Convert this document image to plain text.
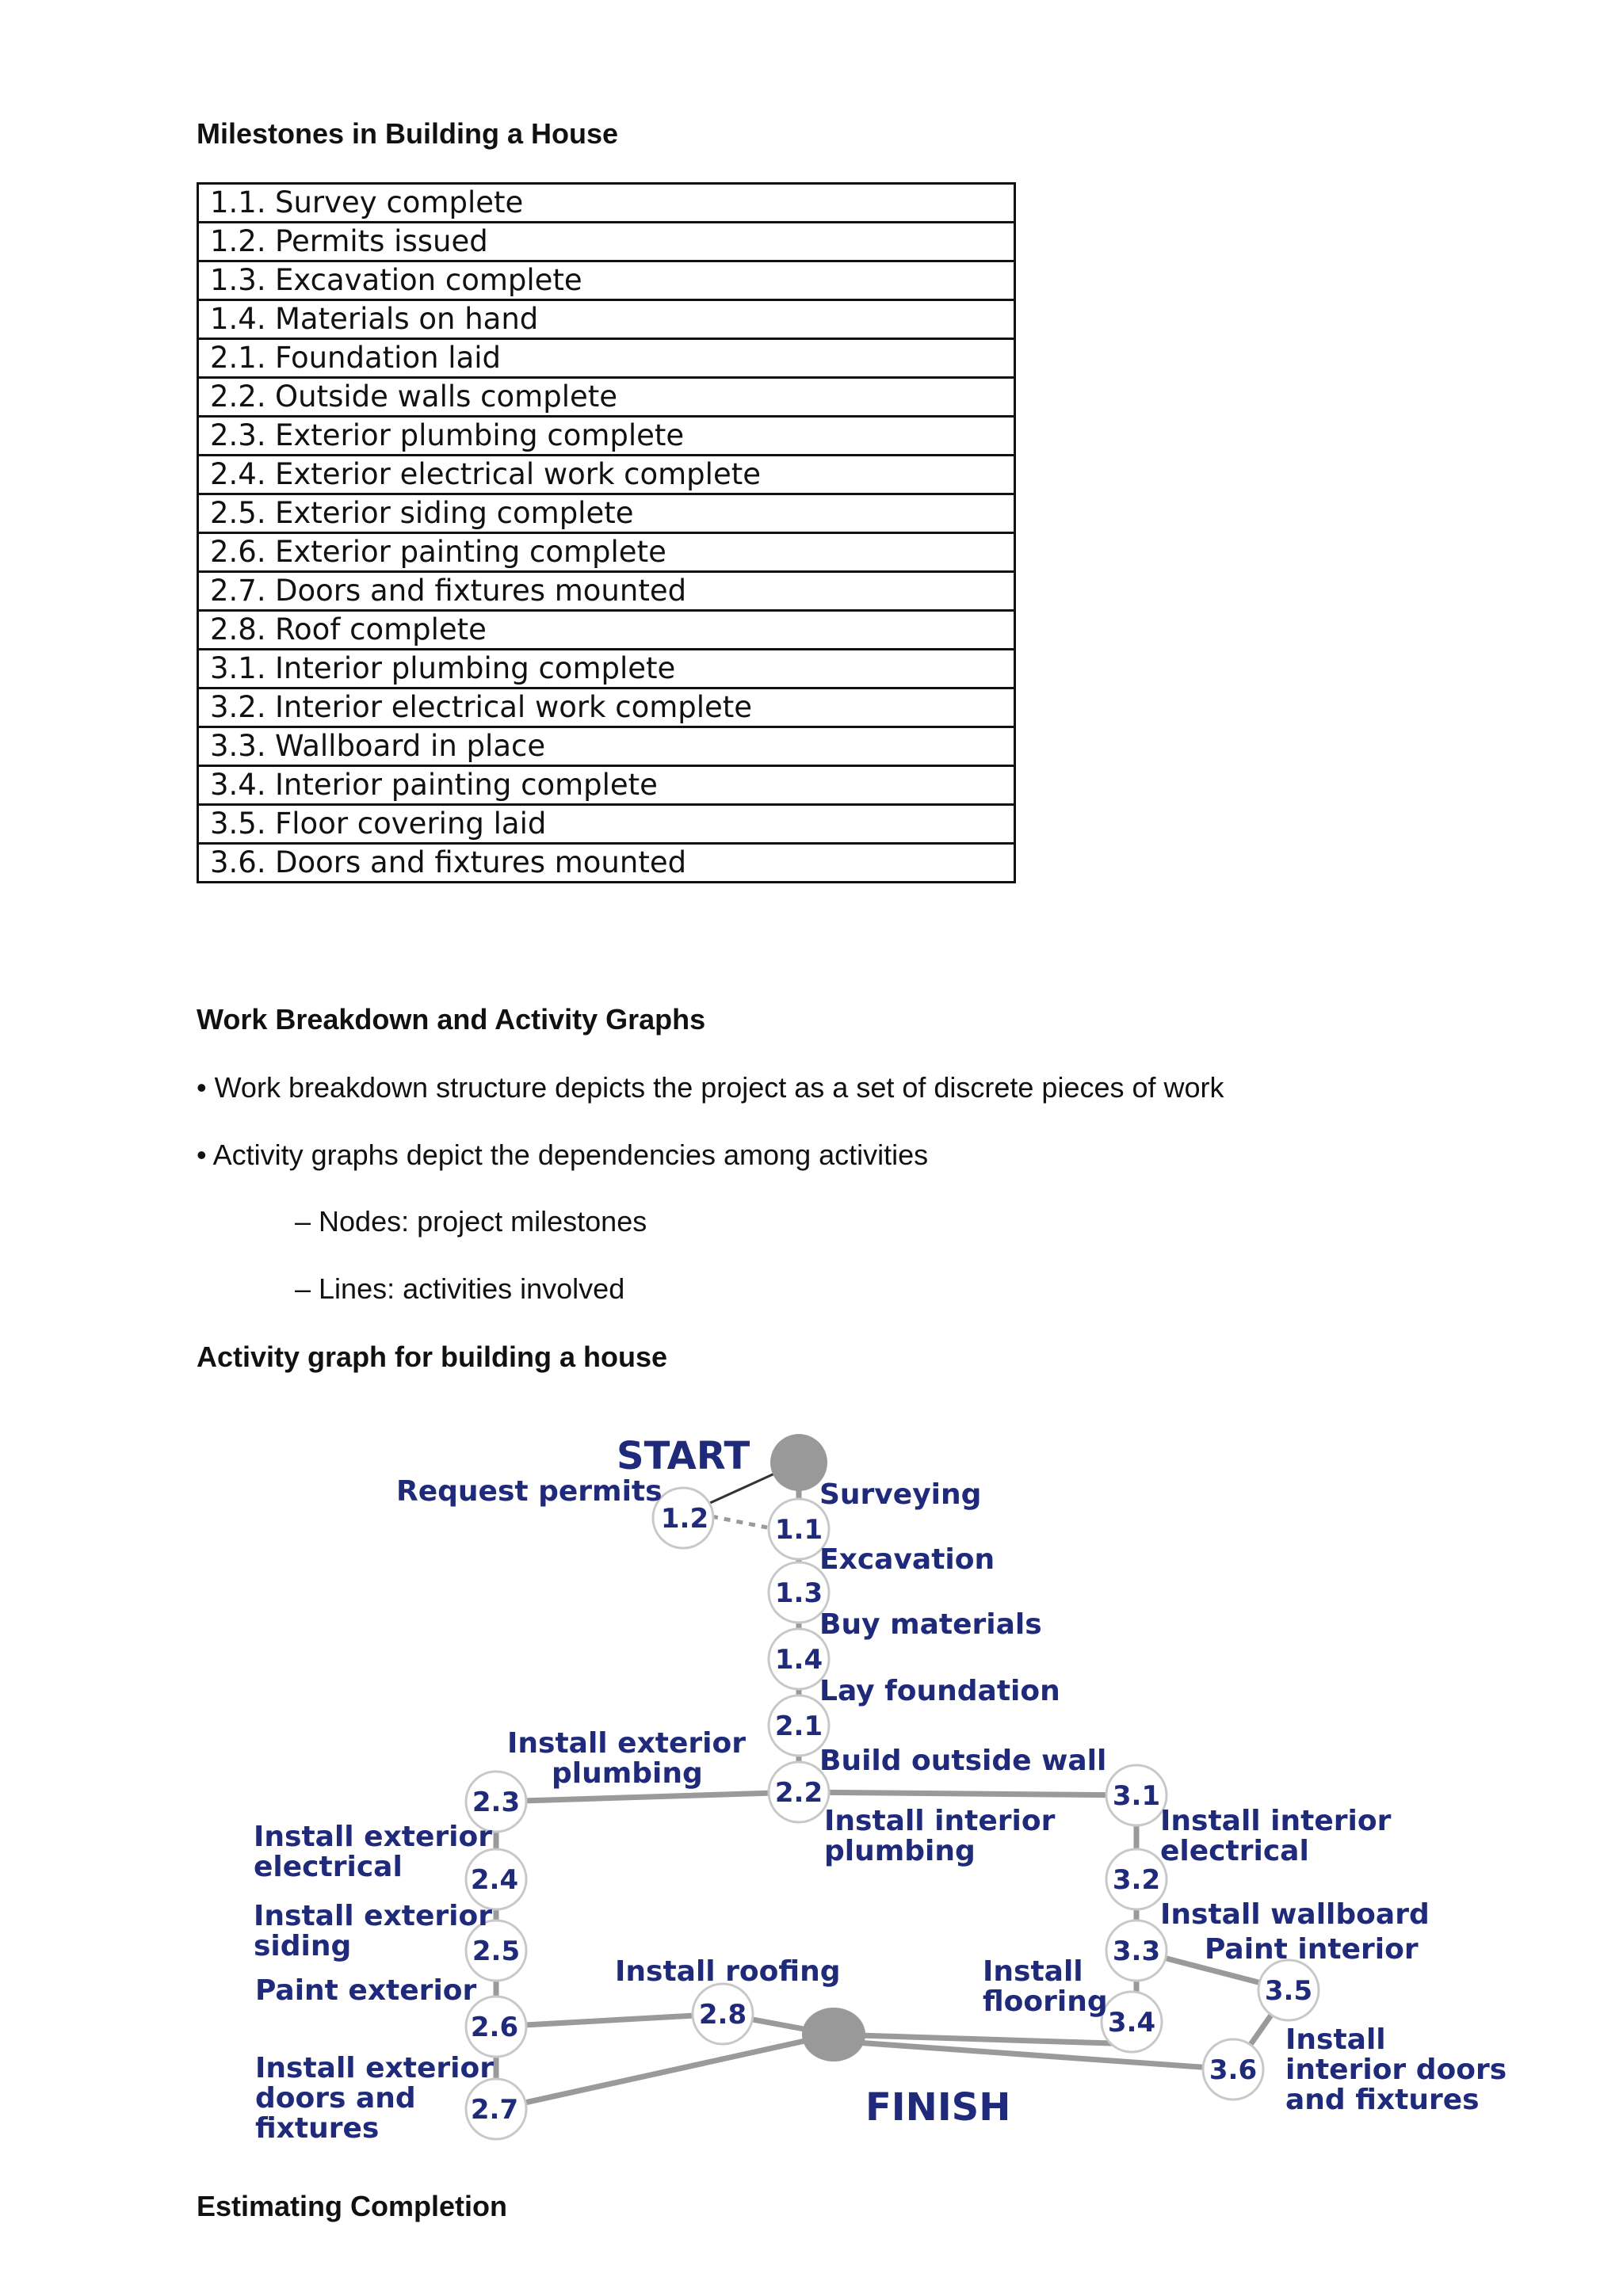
Milestones in Building a House
1.1. Survey complete
1.2. Permits issued
1.3. Excavation complete
1.4. Materials on hand
2.1. Foundation laid
2.2. Outside walls complete
2.3. Exterior plumbing complete
2.4. Exterior electrical work complete
2.5. Exterior siding complete
2.6. Exterior painting complete
2.7. Doors and fixtures mounted
2.8. Roof complete
3.1. Interior plumbing complete
3.2. Interior electrical work complete
3.3. Wallboard in place
3.4. Interior painting complete
3.5. Floor covering laid
3.6. Doors and fixtures mounted
Work Breakdown and Activity Graphs

• Work breakdown structure depicts the project as a set of discrete pieces of work

• Activity graphs depict the dependencies among activities

– Nodes: project milestones

– Lines: activities involved

Activity graph for building a house
1.2 1.1
1.3
1.4
2.1
2.2
2.3
2.4
2.5
2.6
2.7
2.8
3.1
3.2
3.3
3.4
3.5
3.6
START
FINISH
Request permits	Surveying
Excavation
Buy materials
Lay foundation
Build outside wall
Install exterior
plumbing
Install interior
plumbing
Install exterior
electrical
Install interior
electrical
Install exterior
siding
Install wallboard
Paint interior
Paint exterior
Install roofing	Install
flooring
Install exterior
doors and
fixtures
Install
interior doors
and fixtures
Estimating Completion
